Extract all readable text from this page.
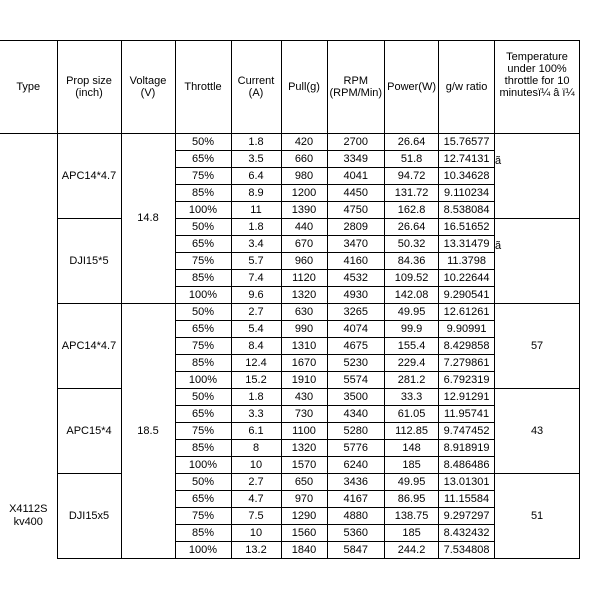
Type	Prop size (inch)	Voltage (V)	Throttle	Current (A)	Pull(g)	RPM (RPM/Min)	Power(W)	g/w ratio	Temperature under 100% throttle for 10 minutesï¼ â ï¼
X4112S kv400	APC14*4.7	14.8	50%	1.8	420	2700	26.64	15.76577	
			65%	3.5	660	3349	51.8	12.74131	
			75%	6.4	980	4041	94.72	10.34628	
			85%	8.9	1200	4450	131.72	9.110234	
			100%	11	1390	4750	162.8	8.538084	
	DJI15*5		50%	1.8	440	2809	26.64	16.51652	
			65%	3.4	670	3470	50.32	13.31479	
			75%	5.7	960	4160	84.36	11.3798	
			85%	7.4	1120	4532	109.52	10.22644	
			100%	9.6	1320	4930	142.08	9.290541	
	APC14*4.7	18.5	50%	2.7	630	3265	49.95	12.61261	57
			65%	5.4	990	4074	99.9	9.90991	
			75%	8.4	1310	4675	155.4	8.429858	
			85%	12.4	1670	5230	229.4	7.279861	
			100%	15.2	1910	5574	281.2	6.792319	
	APC15*4		50%	1.8	430	3500	33.3	12.91291	43
			65%	3.3	730	4340	61.05	11.95741	
			75%	6.1	1100	5280	112.85	9.747452	
			85%	8	1320	5776	148	8.918919	
			100%	10	1570	6240	185	8.486486	
	DJI15x5		50%	2.7	650	3436	49.95	13.01301	51
			65%	4.7	970	4167	86.95	11.15584	
			75%	7.5	1290	4880	138.75	9.297297	
			85%	10	1560	5360	185	8.432432	
			100%	13.2	1840	5847	244.2	7.534808	
ã
ã
